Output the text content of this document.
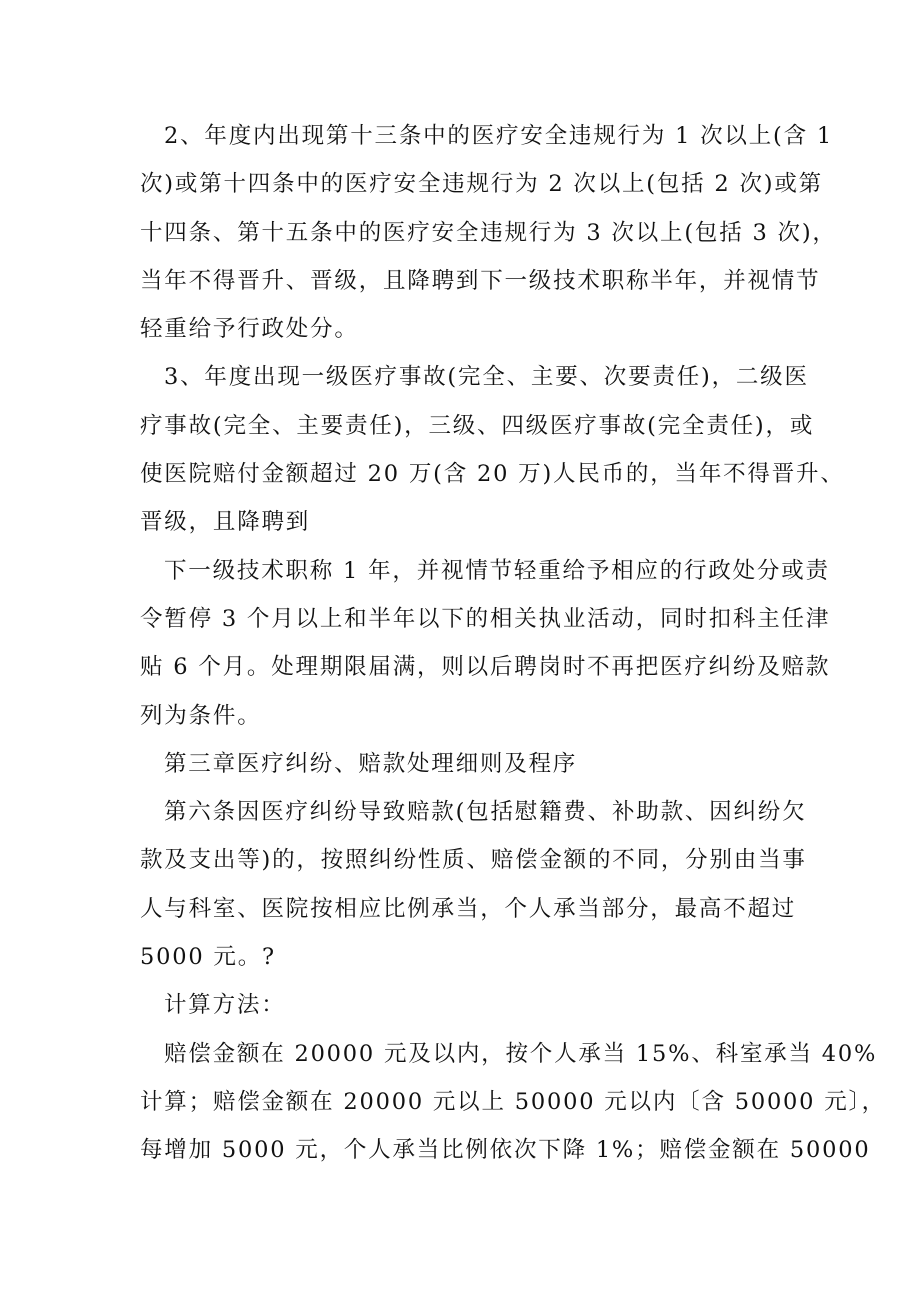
2、年度内出现第十三条中的医疗安全违规行为 1 次以上(含 1
次)或第十四条中的医疗安全违规行为 2 次以上(包括 2 次)或第
十四条、第十五条中的医疗安全违规行为 3 次以上(包括 3 次)，
当年不得晋升、晋级，且降聘到下一级技术职称半年，并视情节
轻重给予行政处分。
3、年度出现一级医疗事故(完全、主要、次要责任)，二级医
疗事故(完全、主要责任)，三级、四级医疗事故(完全责任)，或
使医院赔付金额超过 20 万(含 20 万)人民币的，当年不得晋升、
晋级，且降聘到
下一级技术职称 1 年，并视情节轻重给予相应的行政处分或责
令暂停 3 个月以上和半年以下的相关执业活动，同时扣科主任津
贴 6 个月。处理期限届满，则以后聘岗时不再把医疗纠纷及赔款
列为条件。
第三章医疗纠纷、赔款处理细则及程序
第六条因医疗纠纷导致赔款(包括慰籍费、补助款、因纠纷欠
款及支出等)的，按照纠纷性质、赔偿金额的不同，分别由当事
人与科室、医院按相应比例承当，个人承当部分，最高不超过
5000 元。?
计算方法：
赔偿金额在 20000 元及以内，按个人承当 15%、科室承当 40%
计算；赔偿金额在 20000 元以上 50000 元以内〔含 50000 元〕，
每增加 5000 元，个人承当比例依次下降 1%；赔偿金额在 50000
